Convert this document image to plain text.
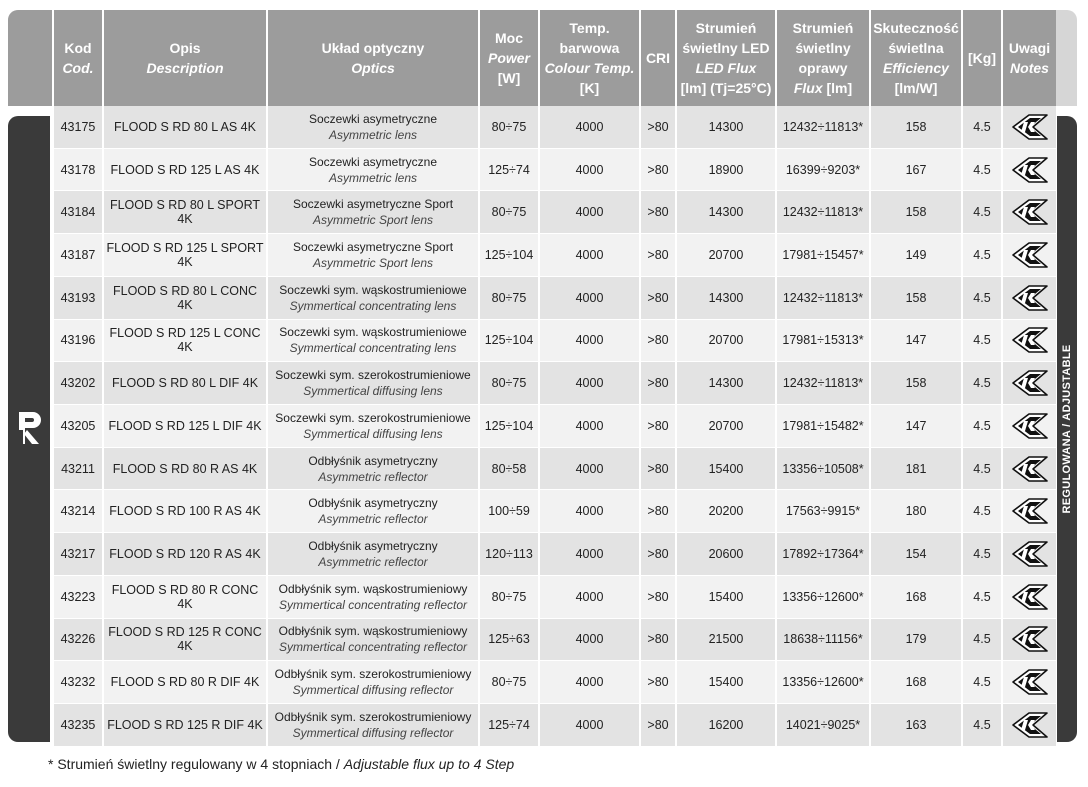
REGULOWANA / ADJUSTABLE
Kod
Cod.	Opis
Description	Układ optyczny
Optics	Moc
Power
[W]	Temp.
barwowa
Colour Temp.
[K]	CRI	Strumień
świetlny LED
LED Flux
[lm] (Tj=25°C)	Strumień
świetlny
oprawy
Flux [lm]	Skuteczność
świetlna
Efficiency
[lm/W]	[Kg]	Uwagi
Notes
43175	FLOOD S RD 80 L AS 4K	Soczewki asymetryczne
Asymmetric lens	80÷75	4000	>80	14300	12432÷11813*	158	4.5	

43178	FLOOD S RD 125 L AS 4K	Soczewki asymetryczne
Asymmetric lens	125÷74	4000	>80	18900	16399÷9203*	167	4.5	

43184	FLOOD S RD 80 L SPORT 4K	Soczewki asymetryczne Sport
Asymmetric Sport lens	80÷75	4000	>80	14300	12432÷11813*	158	4.5	

43187	FLOOD S RD 125 L SPORT 4K	Soczewki asymetryczne Sport
Asymmetric Sport lens	125÷104	4000	>80	20700	17981÷15457*	149	4.5	

43193	FLOOD S RD 80 L CONC 4K	Soczewki sym. wąskostrumieniowe
Symmertical concentrating lens	80÷75	4000	>80	14300	12432÷11813*	158	4.5	

43196	FLOOD S RD 125 L CONC 4K	Soczewki sym. wąskostrumieniowe
Symmertical concentrating lens	125÷104	4000	>80	20700	17981÷15313*	147	4.5	

43202	FLOOD S RD 80 L DIF 4K	Soczewki sym. szerokostrumieniowe
Symmertical diffusing lens	80÷75	4000	>80	14300	12432÷11813*	158	4.5	

43205	FLOOD S RD 125 L DIF 4K	Soczewki sym. szerokostrumieniowe
Symmertical diffusing lens	125÷104	4000	>80	20700	17981÷15482*	147	4.5	

43211	FLOOD S RD 80 R AS 4K	Odbłyśnik asymetryczny
Asymmetric reflector	80÷58	4000	>80	15400	13356÷10508*	181	4.5	

43214	FLOOD S RD 100 R AS 4K	Odbłyśnik asymetryczny
Asymmetric reflector	100÷59	4000	>80	20200	17563÷9915*	180	4.5	

43217	FLOOD S RD 120 R AS 4K	Odbłyśnik asymetryczny
Asymmetric reflector	120÷113	4000	>80	20600	17892÷17364*	154	4.5	

43223	FLOOD S RD 80 R CONC 4K	Odbłyśnik sym. wąskostrumieniowy
Symmertical concentrating reflector	80÷75	4000	>80	15400	13356÷12600*	168	4.5	

43226	FLOOD S RD 125 R CONC 4K	Odbłyśnik sym. wąskostrumieniowy
Symmertical concentrating reflector	125÷63	4000	>80	21500	18638÷11156*	179	4.5	

43232	FLOOD S RD 80 R DIF 4K	Odbłyśnik sym. szerokostrumieniowy
Symmertical diffusing reflector	80÷75	4000	>80	15400	13356÷12600*	168	4.5	

43235	FLOOD S RD 125 R DIF 4K	Odbłyśnik sym. szerokostrumieniowy
Symmertical diffusing reflector	125÷74	4000	>80	16200	14021÷9025*	163	4.5	
* Strumień świetlny regulowany w 4 stopniach / Adjustable flux up to 4 Step
